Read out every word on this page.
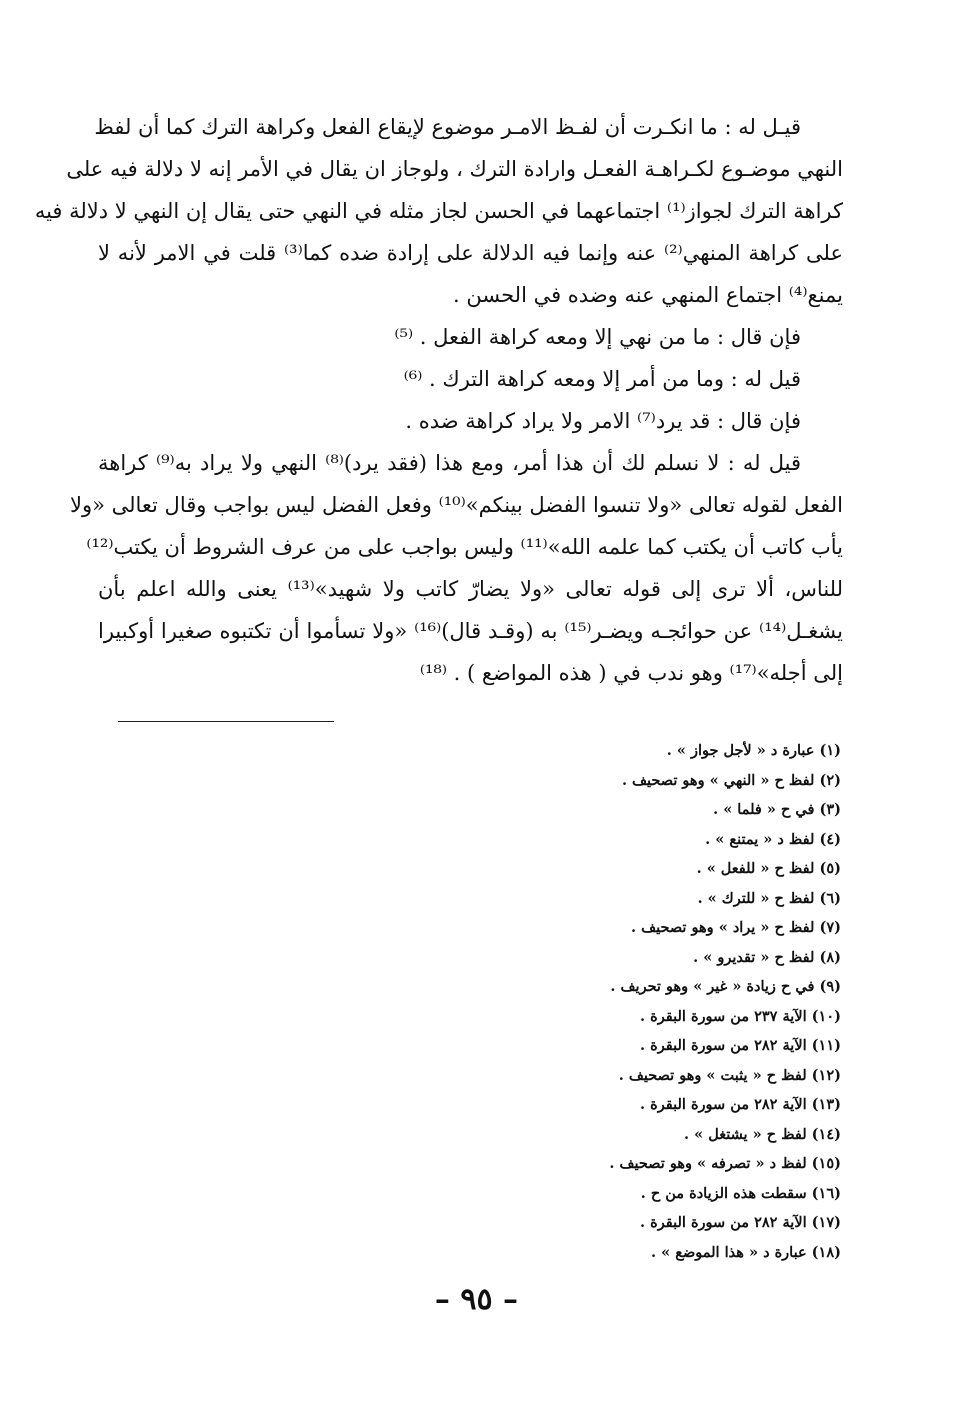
قيـل له : ما انكـرت أن لفـظ الامـر موضوع لإيقاع الفعل وكراهة الترك كما أن لفظ
النهي موضـوع لكـراهـة الفعـل وارادة الترك ، ولوجاز ان يقال في الأمر إنه لا دلالة فيه على
كراهة الترك لجواز⁽¹⁾ اجتماعهما في الحسن لجاز مثله في النهي حتى يقال إن النهي لا دلالة فيه
على كراهة المنهي⁽²⁾ عنه وإنما فيه الدلالة على إرادة ضده كما⁽³⁾ قلت في الامر لأنه لا
يمنع⁽⁴⁾ اجتماع المنهي عنه وضده في الحسن .
فإن قال : ما من نهي إلا ومعه كراهة الفعل . ⁽⁵⁾
قيل له : وما من أمر إلا ومعه كراهة الترك . ⁽⁶⁾
فإن قال : قد يرد⁽⁷⁾ الامر ولا يراد كراهة ضده .
قيل له : لا نسلم لك أن هذا أمر، ومع هذا (فقد يرد)⁽⁸⁾ النهي ولا يراد به⁽⁹⁾ كراهة
الفعل لقوله تعالى «ولا تنسوا الفضل بينكم»⁽¹⁰⁾ وفعل الفضل ليس بواجب وقال تعالى «ولا
يأب كاتب أن يكتب كما علمه الله»⁽¹¹⁾ وليس بواجب على من عرف الشروط أن يكتب⁽¹²⁾
للناس، ألا ترى إلى قوله تعالى «ولا يضارّ كاتب ولا شهيد»⁽¹³⁾ يعنى والله اعلم بأن
يشغـل⁽¹⁴⁾ عن حوائجـه ويضـر⁽¹⁵⁾ به (وقـد قال)⁽¹⁶⁾ «ولا تسأموا أن تكتبوه صغيرا أوكبيرا
إلى أجله»⁽¹⁷⁾ وهو ندب في ( هذه المواضع ) . ⁽¹⁸⁾
(١) عبارة د « لأجل جواز » .
(٢) لفظ ح « النهي » وهو تصحيف .
(٣) في ح « فلما » .
(٤) لفظ د « يمتنع » .
(٥) لفظ ح « للفعل » .
(٦) لفظ ح « للترك » .
(٧) لفظ ح « يراد » وهو تصحيف .
(٨) لفظ ح « تقديرو » .
(٩) في ح زيادة « غير » وهو تحريف .
(١٠) الآية ٢٣٧ من سورة البقرة .
(١١) الآية ٢٨٢ من سورة البقرة .
(١٢) لفظ ح « يثبت » وهو تصحيف .
(١٣) الآية ٢٨٢ من سورة البقرة .
(١٤) لفظ ح « يشتغل » .
(١٥) لفظ د « تصرفه » وهو تصحيف .
(١٦) سقطت هذه الزيادة من ح .
(١٧) الآية ٢٨٢ من سورة البقرة .
(١٨) عبارة د « هذا الموضع » .
– ٩٥ –
